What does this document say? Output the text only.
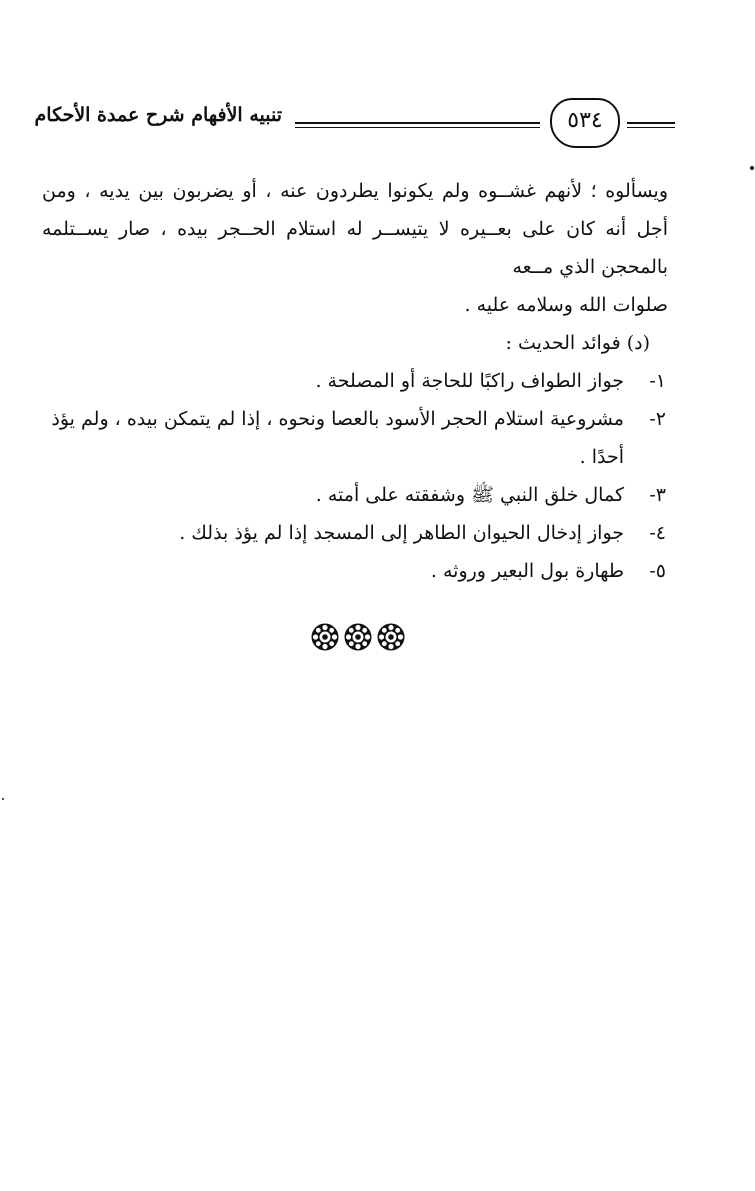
تنبيه الأفهام شرح عمدة الأحكام	٥٣٤

ويسألوه ؛ لأنهم غشــوه ولم يكونوا يطردون عنه ، أو يضربون بين يديه ، ومن أجل أنه كان على بعــيره لا يتيســر له استلام الحــجر بيده ، صار يســتلمه بالمحجن الذي مــعه
صلوات الله وسلامه عليه .

(د) فوائد الحديث :

١-
جواز الطواف راكبًا للحاجة أو المصلحة .
٢-
مشروعية استلام الحجر الأسود بالعصا ونحوه ، إذا لم يتمكن بيده ، ولم يؤذ
أحدًا .
٣-
كمال خلق النبي ﷺ وشفقته على أمته .
٤-
جواز إدخال الحيوان الطاهر إلى المسجد إذا لم يؤذ بذلك .
٥-
طهارة بول البعير وروثه .
